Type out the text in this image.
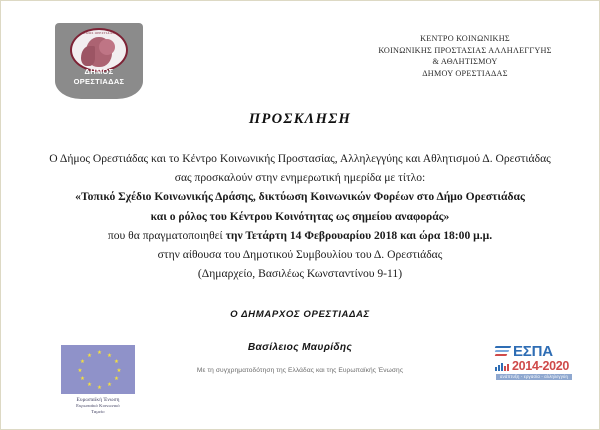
ΔΗΜΟΣ ΟΡΕΣΤΙΑΔΑΣ
ΔΗΜΟΣ
ΟΡΕΣΤΙΑΔΑΣ
ΚΕΝΤΡΟ ΚΟΙΝΩΝΙΚΗΣ
ΚΟΙΝΩΝΙΚΗΣ ΠΡΟΣΤΑΣΙΑΣ ΑΛΛΗΛΕΓΓΥΗΣ
& ΑΘΛΗΤΙΣΜΟΥ
ΔΗΜΟΥ ΟΡΕΣΤΙΑΔΑΣ
ΠΡΟΣΚΛΗΣΗ
Ο Δήμος Ορεστιάδας και το Κέντρο Κοινωνικής Προστασίας, Αλληλεγγύης και Αθλητισμού Δ. Ορεστιάδας
σας προσκαλούν στην ενημερωτική ημερίδα με τίτλο:
«Τοπικό Σχέδιο Κοινωνικής Δράσης, δικτύωση Κοινωνικών Φορέων στο Δήμο Ορεστιάδας
και ο ρόλος του Κέντρου Κοινότητας ως σημείου αναφοράς»
που θα πραγματοποιηθεί την Τετάρτη 14 Φεβρουαρίου 2018 και ώρα 18:00 μ.μ.
στην αίθουσα του Δημοτικού Συμβουλίου του Δ. Ορεστιάδας
(Δημαρχείο, Βασιλέως Κωνσταντίνου 9-11)
Ο ΔΗΜΑΡΧΟΣ ΟΡΕΣΤΙΑΔΑΣ
Βασίλειος Μαυρίδης
★ ★
★
★
★
★
★
★
★
★
★
★
Ευρωπαϊκή Ένωση
Ευρωπαϊκό Κοινωνικό
Ταμείο
Με τη συγχρηματοδότηση της Ελλάδας και της Ευρωπαϊκής Ένωσης
ΕΣΠΑ
2014-2020
ανάπτυξη - εργασία - αλληλεγγύη
